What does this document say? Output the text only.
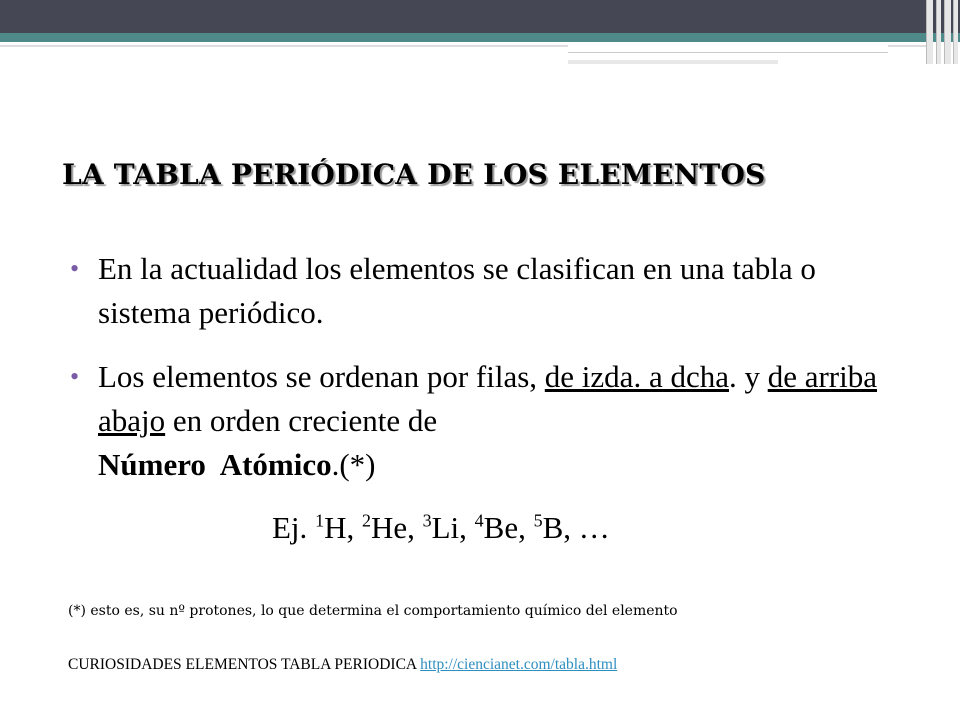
LA TABLA PERIÓDICA DE LOS ELEMENTOS
• En la actualidad los elementos se clasifican en una tabla o sistema periódico.
• Los elementos se ordenan por filas, de izda. a dcha. y de arriba abajo en orden creciente de
Número  Atómico.(*)
Ej. $^1$H, $^2$He, $^3$Li, $^4$Be, $^5$B, …
(*) esto es, su nº protones, lo que determina el comportamiento químico del elemento
CURIOSIDADES ELEMENTOS TABLA PERIODICA http://ciencianet.com/tabla.html
